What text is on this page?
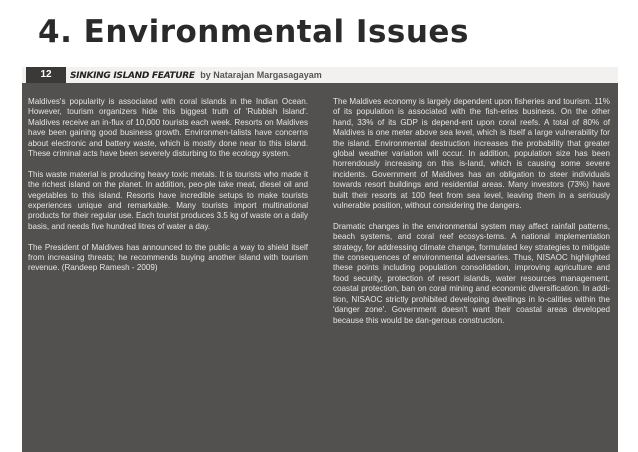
4. Environmental Issues
12	SINKING ISLAND FEATURE by Natarajan Margasagayam

Maldives's popularity is associated with coral islands in the Indian Ocean. However, tourism organizers hide this biggest truth of 'Rubbish Island'. Maldives receive an in-flux of 10,000 tourists each week. Resorts on Maldives have been gaining good business growth. Environmen-talists have concerns about electronic and battery waste, which is mostly done near to this island. These criminal acts have been severely disturbing to the ecology system.

This waste material is producing heavy toxic metals. It is tourists who made it the richest island on the planet. In addition, peo-ple take meat, diesel oil and vegetables to this island. Resorts have incredible setups to make tourists experiences unique and remarkable. Many tourists import multinational products for their regular use. Each tourist produces 3.5 kg of waste on a daily basis, and needs five hundred litres of water a day.

The President of Maldives has announced to the public a way to shield itself from increasing threats; he recommends buying another island with tourism revenue. (Randeep Ramesh - 2009)

The Maldives economy is largely dependent upon fisheries and tourism. 11% of its population is associated with the fish-eries business. On the other hand, 33% of its GDP is depend-ent upon coral reefs. A total of 80% of Maldives is one meter above sea level, which is itself a large vulnerability for the island. Environmental destruction increases the probability that greater global weather variation will occur. In addition, population size has been horrendously increasing on this is-land, which is causing some severe incidents. Government of Maldives has an obligation to steer individuals towards resort buildings and residential areas. Many investors (73%) have built their resorts at 100 feet from sea level, leaving them in a seriously vulnerable position, without considering the dangers.

Dramatic changes in the environmental system may affect rainfall patterns, beach systems, and coral reef ecosys-tems. A national implementation strategy, for addressing climate change, formulated key strategies to mitigate the consequences of environmental adversaries. Thus, NISAOC highlighted these points including population consolidation, improving agriculture and food security, protection of resort islands, water resources management, coastal protection, ban on coral mining and economic diversification. In addi-tion, NISAOC strictly prohibited developing dwellings in lo-calities within the 'danger zone'. Government doesn't want their coastal areas developed because this would be dan-gerous construction.
